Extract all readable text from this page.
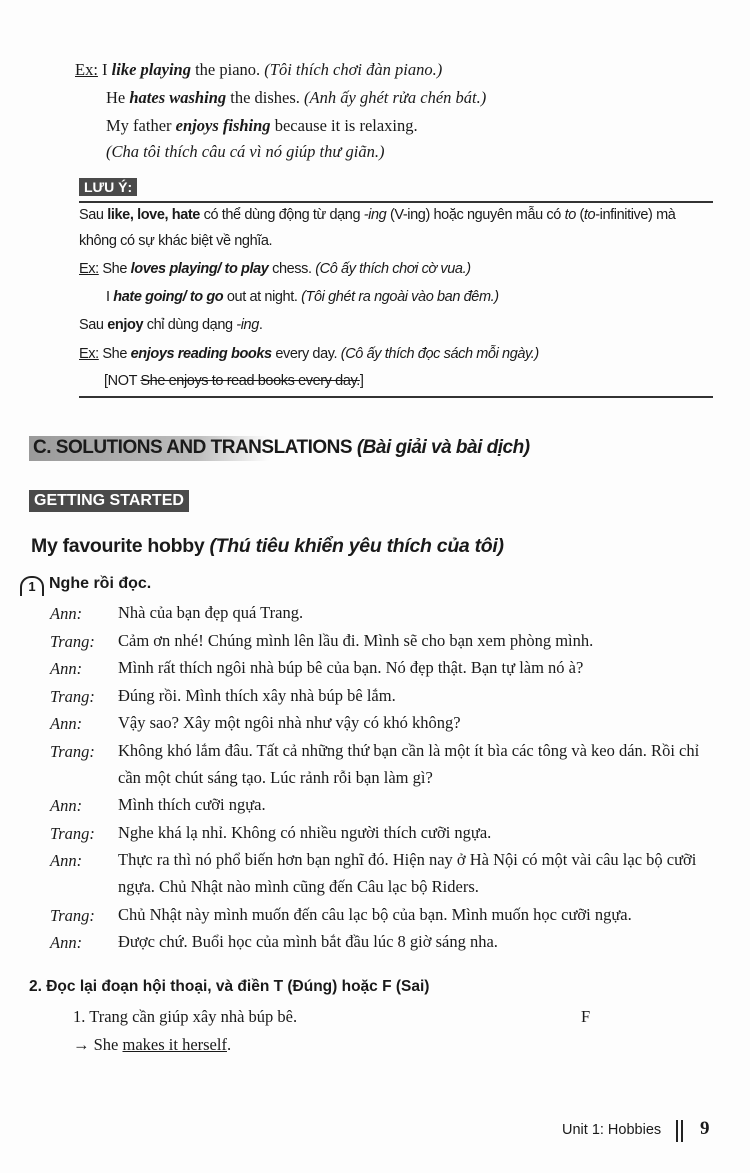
Ex: I like playing the piano. (Tôi thích chơi đàn piano.)
He hates washing the dishes. (Anh ấy ghét rửa chén bát.)
My father enjoys fishing because it is relaxing.
(Cha tôi thích câu cá vì nó giúp thư giãn.)
LƯU Ý:
Sau like, love, hate có thể dùng động từ dạng -ing (V-ing) hoặc nguyên mẫu có to (to-infinitive) mà
không có sự khác biệt về nghĩa.
Ex: She loves playing/ to play chess. (Cô ấy thích chơi cờ vua.)
I hate going/ to go out at night. (Tôi ghét ra ngoài vào ban đêm.)
Sau enjoy chỉ dùng dạng -ing.
Ex: She enjoys reading books every day. (Cô ấy thích đọc sách mỗi ngày.)
[NOT She enjoys to read books every day.]
C. SOLUTIONS AND TRANSLATIONS (Bài giải và bài dịch)
GETTING STARTED
My favourite hobby (Thú tiêu khiển yêu thích của tôi)
1 Nghe rồi đọc.
Ann: Nhà của bạn đẹp quá Trang.
Trang: Cảm ơn nhé! Chúng mình lên lầu đi. Mình sẽ cho bạn xem phòng mình.
Ann: Mình rất thích ngôi nhà búp bê của bạn. Nó đẹp thật. Bạn tự làm nó à?
Trang: Đúng rồi. Mình thích xây nhà búp bê lắm.
Ann: Vậy sao? Xây một ngôi nhà như vậy có khó không?
Trang: Không khó lắm đâu. Tất cả những thứ bạn cần là một ít bìa các tông và keo dán. Rồi chỉ cần một chút sáng tạo. Lúc rảnh rỗi bạn làm gì?
Ann: Mình thích cưỡi ngựa.
Trang: Nghe khá lạ nhỉ. Không có nhiều người thích cưỡi ngựa.
Ann: Thực ra thì nó phổ biến hơn bạn nghĩ đó. Hiện nay ở Hà Nội có một vài câu lạc bộ cưỡi ngựa. Chủ Nhật nào mình cũng đến Câu lạc bộ Riders.
Trang: Chủ Nhật này mình muốn đến câu lạc bộ của bạn. Mình muốn học cưỡi ngựa.
Ann: Được chứ. Buổi học của mình bắt đầu lúc 8 giờ sáng nha.
2. Đọc lại đoạn hội thoại, và điền T (Đúng) hoặc F (Sai)
1. Trang cần giúp xây nhà búp bê.	F
→ She makes it herself.
Unit 1: Hobbies 9
